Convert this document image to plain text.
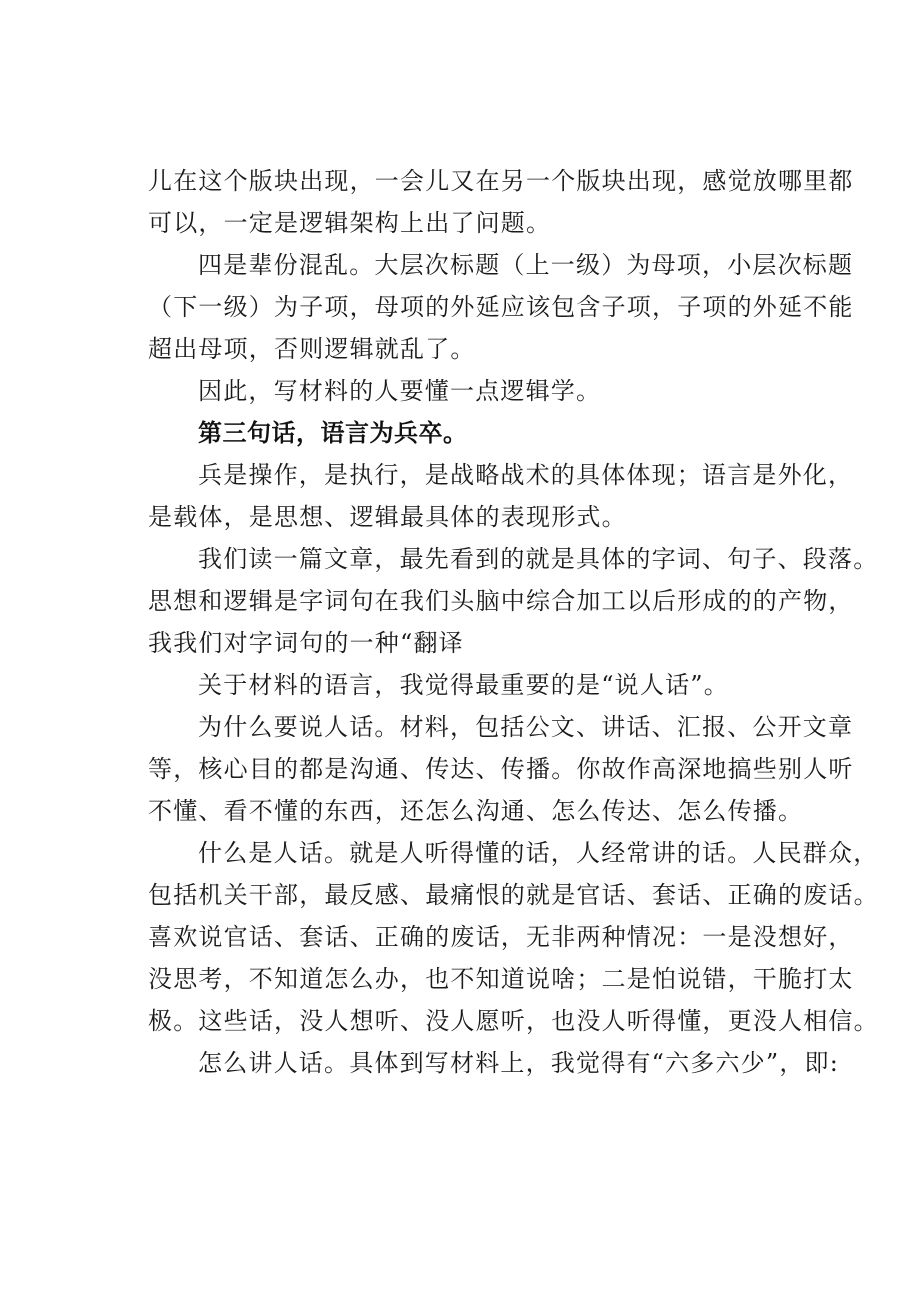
儿在这个版块出现，一会儿又在另一个版块出现，感觉放哪里都
可以，一定是逻辑架构上出了问题。

四是辈份混乱。大层次标题（上一级）为母项，小层次标题
（下一级）为子项，母项的外延应该包含子项，子项的外延不能
超出母项，否则逻辑就乱了。

因此，写材料的人要懂一点逻辑学。

第三句话，语言为兵卒。

兵是操作，是执行，是战略战术的具体体现；语言是外化，
是载体，是思想、逻辑最具体的表现形式。

我们读一篇文章，最先看到的就是具体的字词、句子、段落。
思想和逻辑是字词句在我们头脑中综合加工以后形成的的产物，
我我们对字词句的一种“翻译

关于材料的语言，我觉得最重要的是“说人话”。

为什么要说人话。材料，包括公文、讲话、汇报、公开文章
等，核心目的都是沟通、传达、传播。你故作高深地搞些别人听
不懂、看不懂的东西，还怎么沟通、怎么传达、怎么传播。

什么是人话。就是人听得懂的话，人经常讲的话。人民群众，
包括机关干部，最反感、最痛恨的就是官话、套话、正确的废话。
喜欢说官话、套话、正确的废话，无非两种情况：一是没想好，
没思考，不知道怎么办，也不知道说啥；二是怕说错，干脆打太
极。这些话，没人想听、没人愿听，也没人听得懂，更没人相信。

怎么讲人话。具体到写材料上，我觉得有“六多六少”，即:
